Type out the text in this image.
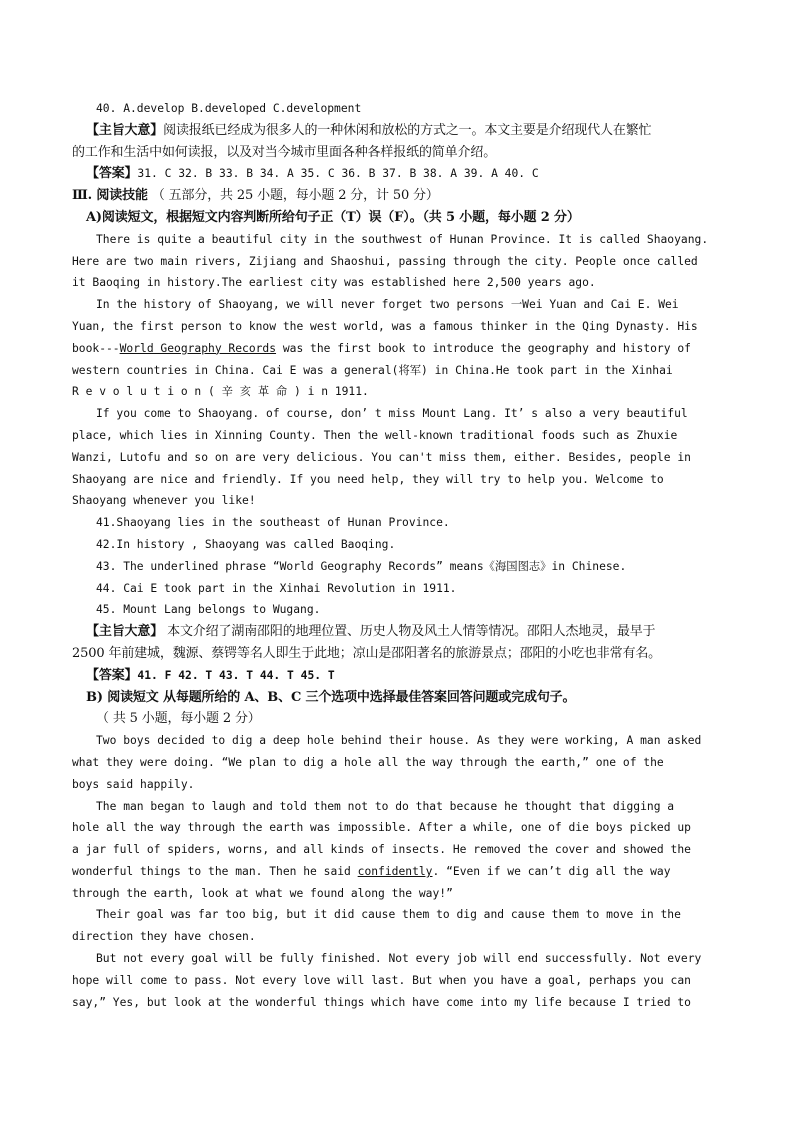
40. A.develop B.developed C.development
【主旨大意】阅读报纸已经成为很多人的一种休闲和放松的方式之一。本文主要是介绍现代人在繁忙
的工作和生活中如何读报，以及对当今城市里面各种各样报纸的简单介绍。
【答案】31. C 32. B 33. B 34. A 35. C 36. B 37. B 38. A 39. A 40. C
Ⅲ. 阅读技能 （ 五部分，共 25 小题，每小题 2 分，计 50 分）
A)阅读短文，根据短文内容判断所给句子正（T）误（F）。（共 5 小题，每小题 2 分）
There is quite a beautiful city in the southwest of Hunan Province. It is called Shaoyang.
Here are two main rivers, Zijiang and Shaoshui, passing through the city. People once called
it Baoqing in history.The earliest city was established here 2,500 years ago.
In the history of Shaoyang, we will never forget two persons 一Wei Yuan and Cai E. Wei
Yuan, the first person to know the west world, was a famous thinker in the Qing Dynasty. His
book---World Geography Records was the first book to introduce the geography and history of
western countries in China. Cai E was a general(将军) in China.He took part in the Xinhai
R e v o l u t i o n ( 辛 亥 革 命 ) i n 1911.
If you come to Shaoyang. of course, don’ t miss Mount Lang. It’ s also a very beautiful
place, which lies in Xinning County. Then the well-known traditional foods such as Zhuxie
Wanzi, Lutofu and so on are very delicious. You can't miss them, either. Besides, people in
Shaoyang are nice and friendly. If you need help, they will try to help you. Welcome to
Shaoyang whenever you like!
41.Shaoyang lies in the southeast of Hunan Province.
42.In history , Shaoyang was called Baoqing.
43. The underlined phrase “World Geography Records” means《海国图志》in Chinese.
44. Cai E took part in the Xinhai Revolution in 1911.
45. Mount Lang belongs to Wugang.
【主旨大意】 本文介绍了湖南邵阳的地理位置、历史人物及风土人情等情况。邵阳人杰地灵，最早于
2500 年前建城，魏源、蔡锷等名人即生于此地；凉山是邵阳著名的旅游景点；邵阳的小吃也非常有名。
【答案】41. F 42. T 43. T 44. T 45. T
B) 阅读短文 从每题所给的 A、B、C 三个选项中选择最佳答案回答问题或完成句子。
（ 共 5 小题，每小题 2 分）
Two boys decided to dig a deep hole behind their house. As they were working, A man asked
what they were doing. “We plan to dig a hole all the way through the earth,” one of the
boys said happily.
The man began to laugh and told them not to do that because he thought that digging a
hole all the way through the earth was impossible. After a while, one of die boys picked up
a jar full of spiders, worns, and all kinds of insects. He removed the cover and showed the
wonderful things to the man. Then he said confidently. “Even if we can’t dig all the way
through the earth, look at what we found along the way!”
Their goal was far too big, but it did cause them to dig and cause them to move in the
direction they have chosen.
But not every goal will be fully finished. Not every job will end successfully. Not every
hope will come to pass. Not every love will last. But when you have a goal, perhaps you can
say,” Yes, but look at the wonderful things which have come into my life because I tried to
